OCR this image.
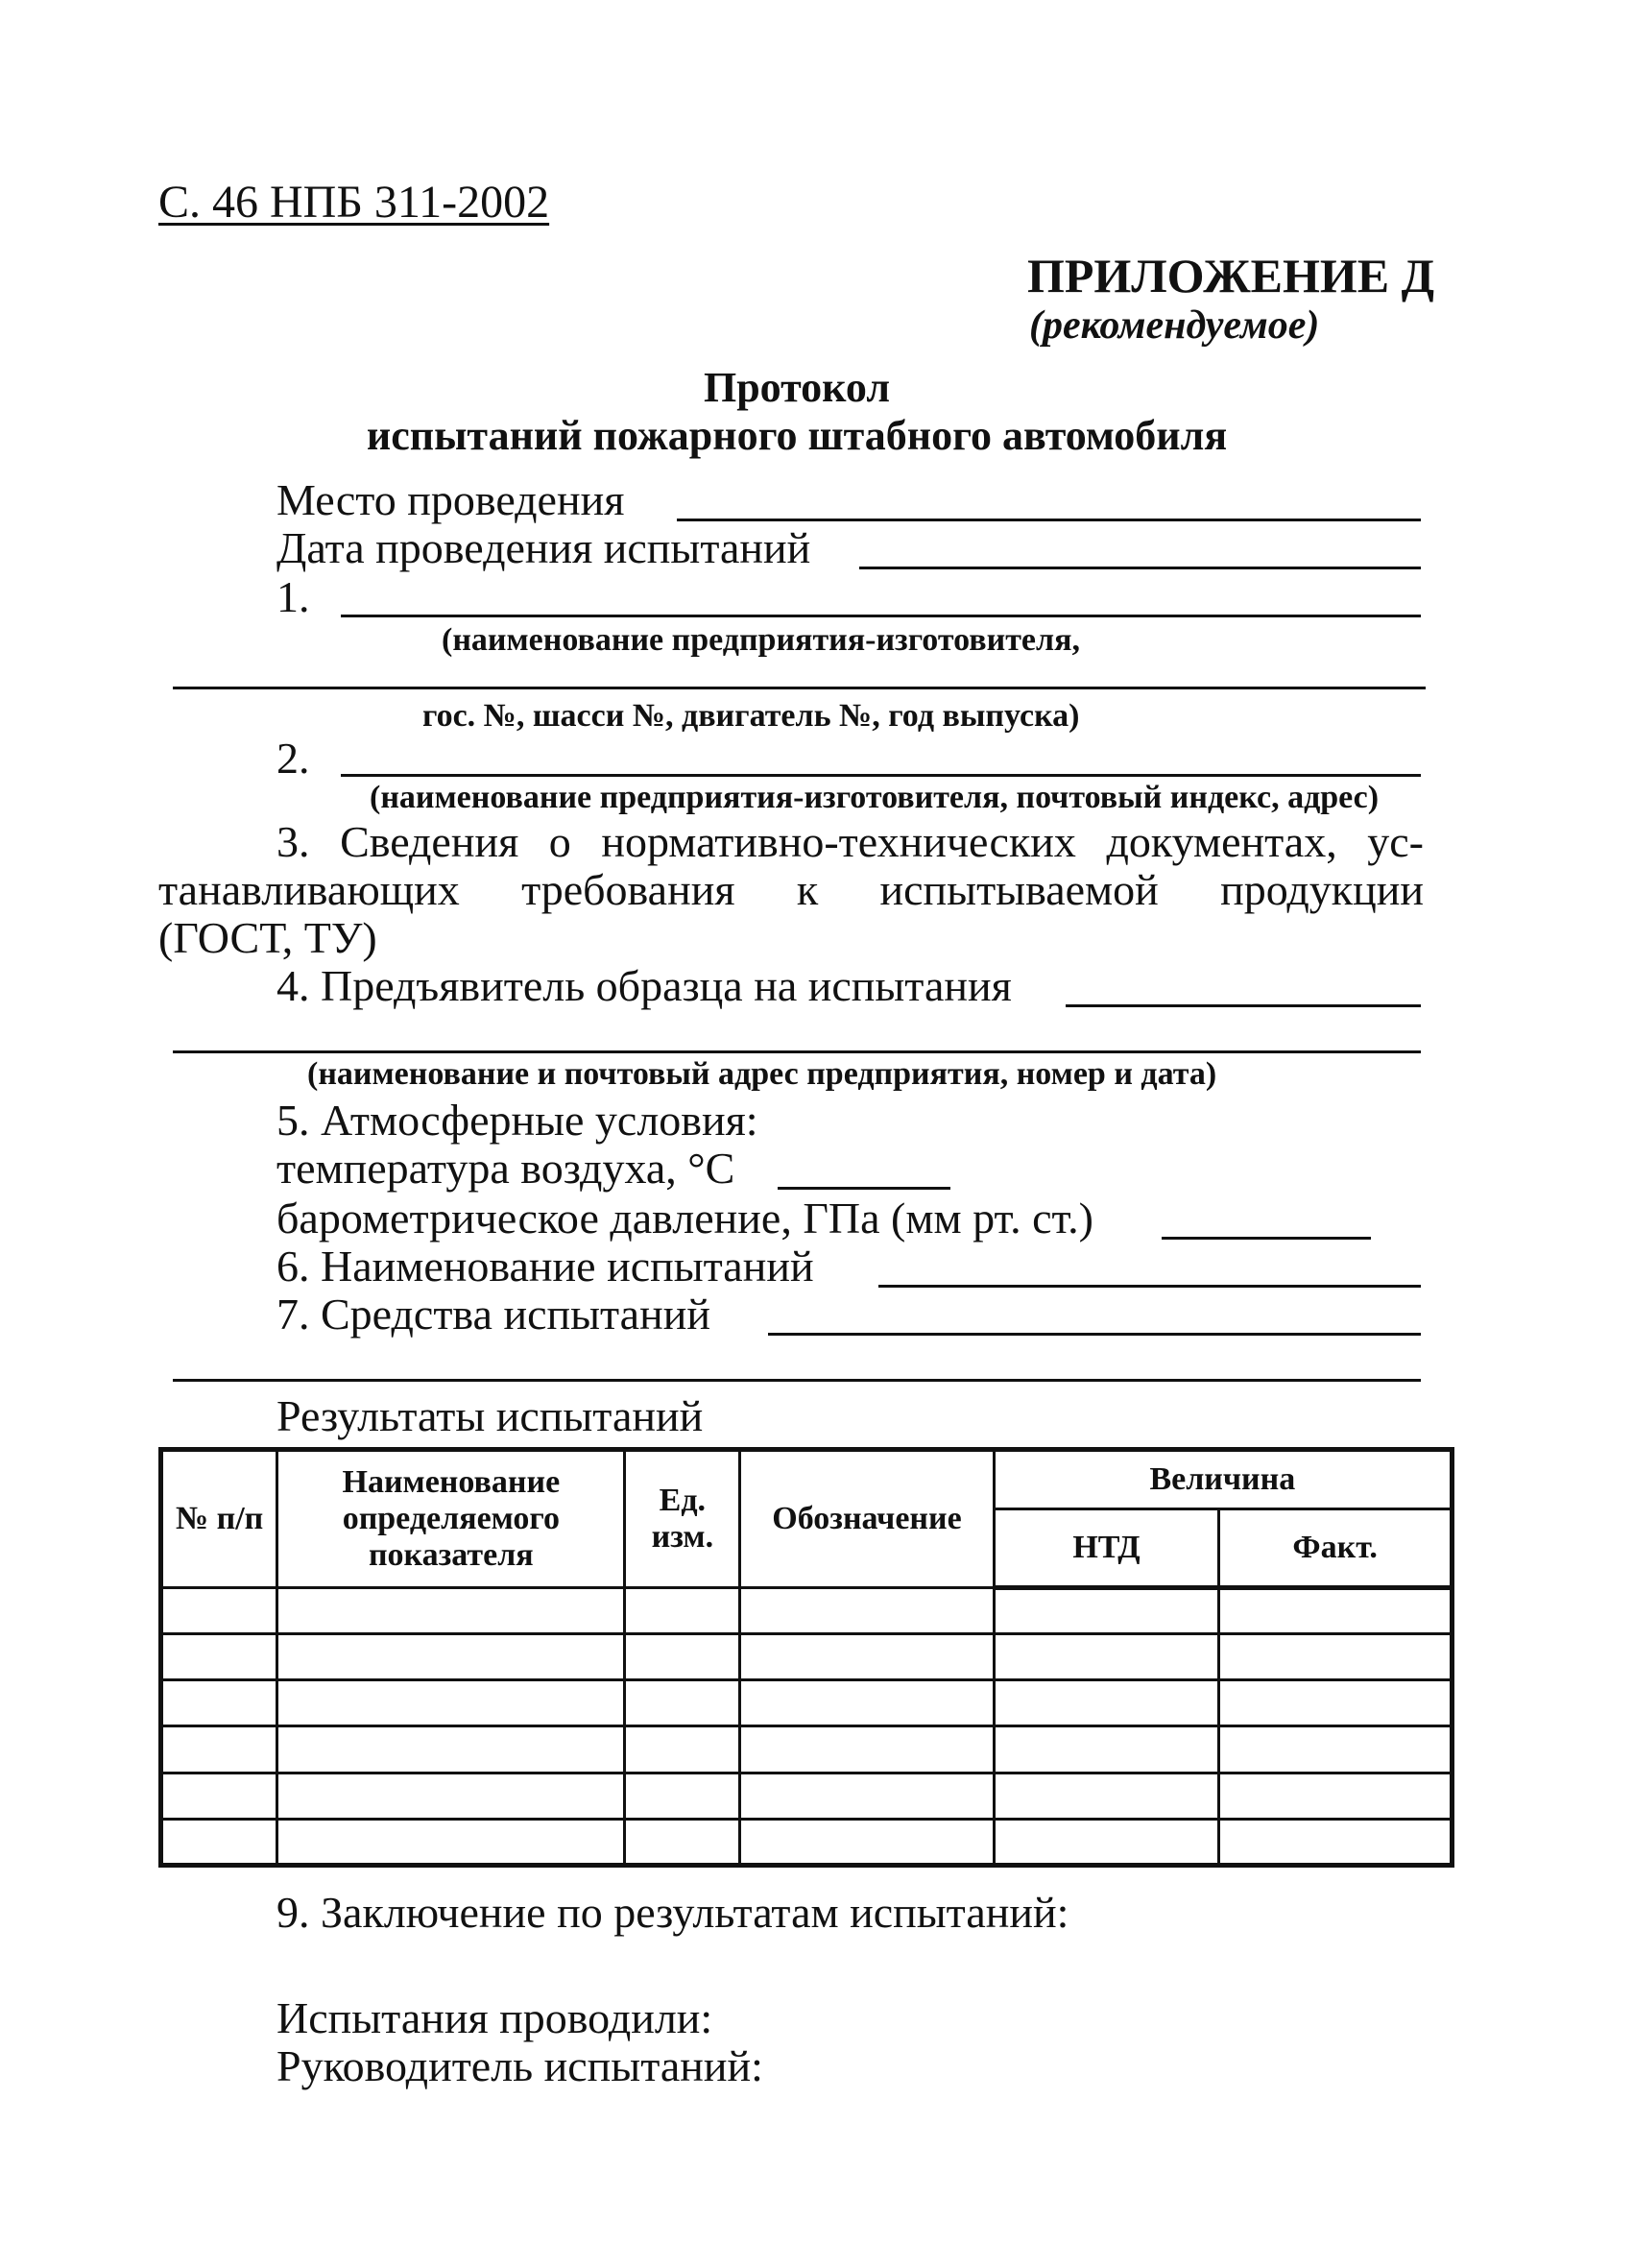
С. 46 НПБ 311-2002
ПРИЛОЖЕНИЕ Д
(рекомендуемое)
Протокол
испытаний пожарного штабного автомобиля
Место проведения
Дата проведения испытаний
1.
(наименование предприятия-изготовителя,
гос. №, шасси №, двигатель №, год выпуска)
2.
(наименование предприятия-изготовителя, почтовый индекс, адрес)
3. Сведения о нормативно-технических документах, ус-
танавливающих требования к испытываемой продукции
(ГОСТ, ТУ)
4. Предъявитель образца на испытания
(наименование и почтовый адрес предприятия, номер и дата)
5. Атмосферные условия:
температура воздуха, °С
барометрическое давление, ГПа (мм рт. ст.)
6. Наименование испытаний
7. Средства испытаний
Результаты испытаний
№ п/п	Наименование определяемого показателя	Ед. изм.	Обозначение	Величина	
				НТД	Факт.

9. Заключение по результатам испытаний:
Испытания проводили:
Руководитель испытаний:
